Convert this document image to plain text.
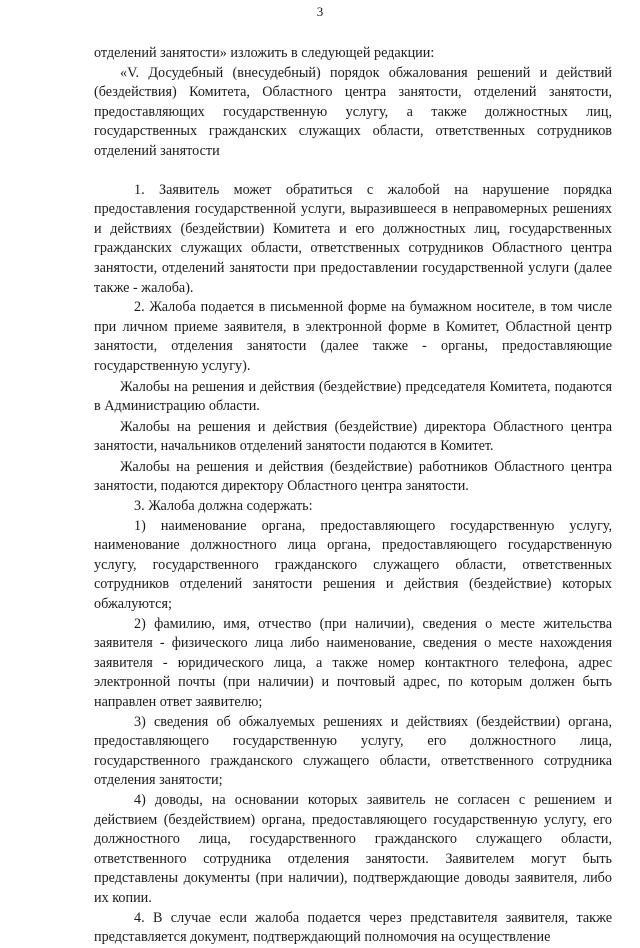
3

отделений занятости» изложить в следующей редакции:

«V. Досудебный (внесудебный) порядок обжалования решений и действий (бездействия) Комитета, Областного центра занятости, отделений занятости, предоставляющих государственную услугу, а также должностных лиц, государственных гражданских служащих области, ответственных сотрудников отделений занятости

1. Заявитель может обратиться с жалобой на нарушение порядка предоставления государственной услуги, выразившееся в неправомерных решениях и действиях (бездействии) Комитета и его должностных лиц, государственных гражданских служащих области, ответственных сотрудников Областного центра занятости, отделений занятости при предоставлении государственной услуги (далее также - жалоба).

2. Жалоба подается в письменной форме на бумажном носителе, в том числе при личном приеме заявителя, в электронной форме в Комитет, Областной центр занятости, отделения занятости (далее также - органы, предоставляющие государственную услугу).

Жалобы на решения и действия (бездействие) председателя Комитета, подаются в Администрацию области.

Жалобы на решения и действия (бездействие) директора Областного центра занятости, начальников отделений занятости подаются в Комитет.

Жалобы на решения и действия (бездействие) работников Областного центра занятости, подаются директору Областного центра занятости.

3. Жалоба должна содержать:

1) наименование органа, предоставляющего государственную услугу, наименование должностного лица органа, предоставляющего государственную услугу, государственного гражданского служащего области, ответственных сотрудников отделений занятости решения и действия (бездействие) которых обжалуются;

2) фамилию, имя, отчество (при наличии), сведения о месте жительства заявителя - физического лица либо наименование, сведения о месте нахождения заявителя - юридического лица, а также номер контактного телефона, адрес электронной почты (при наличии) и почтовый адрес, по которым должен быть направлен ответ заявителю;

3) сведения об обжалуемых решениях и действиях (бездействии) органа, предоставляющего государственную услугу, его должностного лица, государственного гражданского служащего области, ответственного сотрудника отделения занятости;

4) доводы, на основании которых заявитель не согласен с решением и действием (бездействием) органа, предоставляющего государственную услугу, его должностного лица, государственного гражданского служащего области, ответственного сотрудника отделения занятости. Заявителем могут быть представлены документы (при наличии), подтверждающие доводы заявителя, либо их копии.

4. В случае если жалоба подается через представителя заявителя, также представляется документ, подтверждающий полномочия на осуществление
